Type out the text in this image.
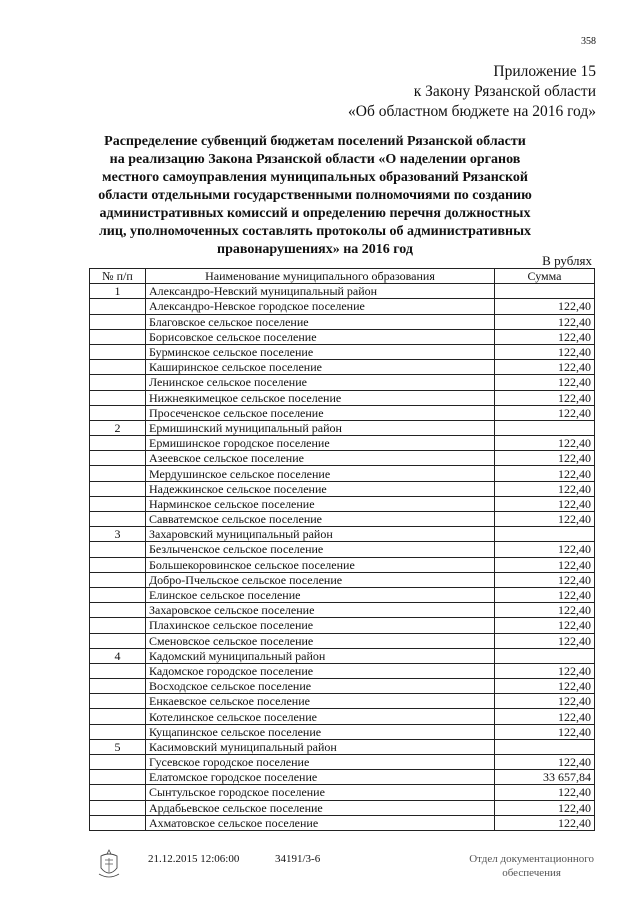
358
Приложение 15
к Закону Рязанской области
«Об областном бюджете на 2016 год»
Распределение субвенций бюджетам поселений Рязанской области на реализацию Закона Рязанской области «О наделении органов местного самоуправления муниципальных образований Рязанской области отдельными государственными полномочиями по созданию административных комиссий и определению перечня должностных лиц, уполномоченных составлять протоколы об административных правонарушениях» на 2016 год
В рублях
№ п/п	Наименование муниципального образования	Сумма
1	Александро-Невский муниципальный район	
	Александро-Невское городское поселение	122,40
	Благовское сельское поселение	122,40
	Борисовское сельское поселение	122,40
	Бурминское сельское поселение	122,40
	Каширинское сельское поселение	122,40
	Ленинское сельское поселение	122,40
	Нижнеякимецкое сельское поселение	122,40
	Просеченское сельское поселение	122,40
2	Ермишинский муниципальный район	
	Ермишинское городское поселение	122,40
	Азеевское сельское поселение	122,40
	Мердушинское сельское поселение	122,40
	Надежкинское сельское поселение	122,40
	Нарминское сельское поселение	122,40
	Савватемское сельское поселение	122,40
3	Захаровский муниципальный район	
	Безлыченское сельское поселение	122,40
	Большекоровинское сельское поселение	122,40
	Добро-Пчельское сельское поселение	122,40
	Елинское сельское поселение	122,40
	Захаровское сельское поселение	122,40
	Плахинское сельское поселение	122,40
	Сменовское сельское поселение	122,40
4	Кадомский муниципальный район	
	Кадомское городское поселение	122,40
	Восходское сельское поселение	122,40
	Енкаевское сельское поселение	122,40
	Котелинское сельское поселение	122,40
	Кущапинское сельское поселение	122,40
5	Касимовский муниципальный район	
	Гусевское городское поселение	122,40
	Елатомское городское поселение	33 657,84
	Сынтульское городское поселение	122,40
	Ардабьевское сельское поселение	122,40
	Ахматовское сельское поселение	122,40
21.12.2015 12:06:00	34191/3-6	Отдел документационного
обеспечения
